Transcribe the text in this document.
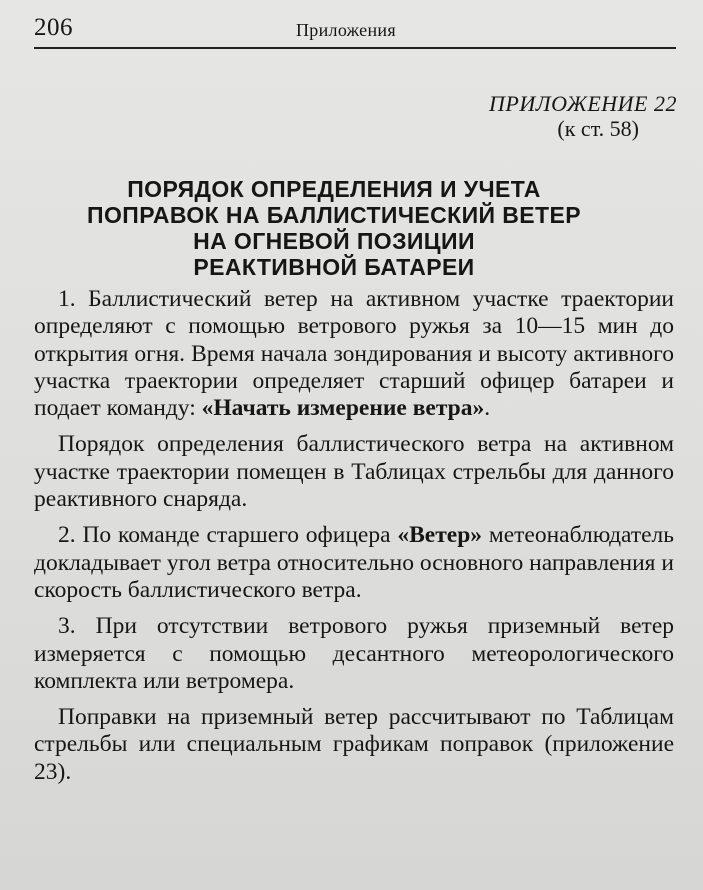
206	Приложения
ПРИЛОЖЕНИЕ 22
(к ст. 58)
ПОРЯДОК ОПРЕДЕЛЕНИЯ И УЧЕТА
ПОПРАВОК НА БАЛЛИСТИЧЕСКИЙ ВЕТЕР
НА ОГНЕВОЙ ПОЗИЦИИ
РЕАКТИВНОЙ БАТАРЕИ

1. Баллистический ветер на активном участке траектории определяют с помощью ветрового ружья за 10—15 мин до открытия огня. Время начала зондирования и высоту активного участка траектории определяет старший офицер батареи и подает команду: «Начать измерение ветра».

Порядок определения баллистического ветра на активном участке траектории помещен в Таблицах стрельбы для данного реактивного снаряда.

2. По команде старшего офицера «Ветер» метеонаблюдатель докладывает угол ветра относительно основного направления и скорость баллистического ветра.

3. При отсутствии ветрового ружья приземный ветер измеряется с помощью десантного метеорологического комплекта или ветромера.

Поправки на приземный ветер рассчитывают по Таблицам стрельбы или специальным графикам поправок (приложение 23).
